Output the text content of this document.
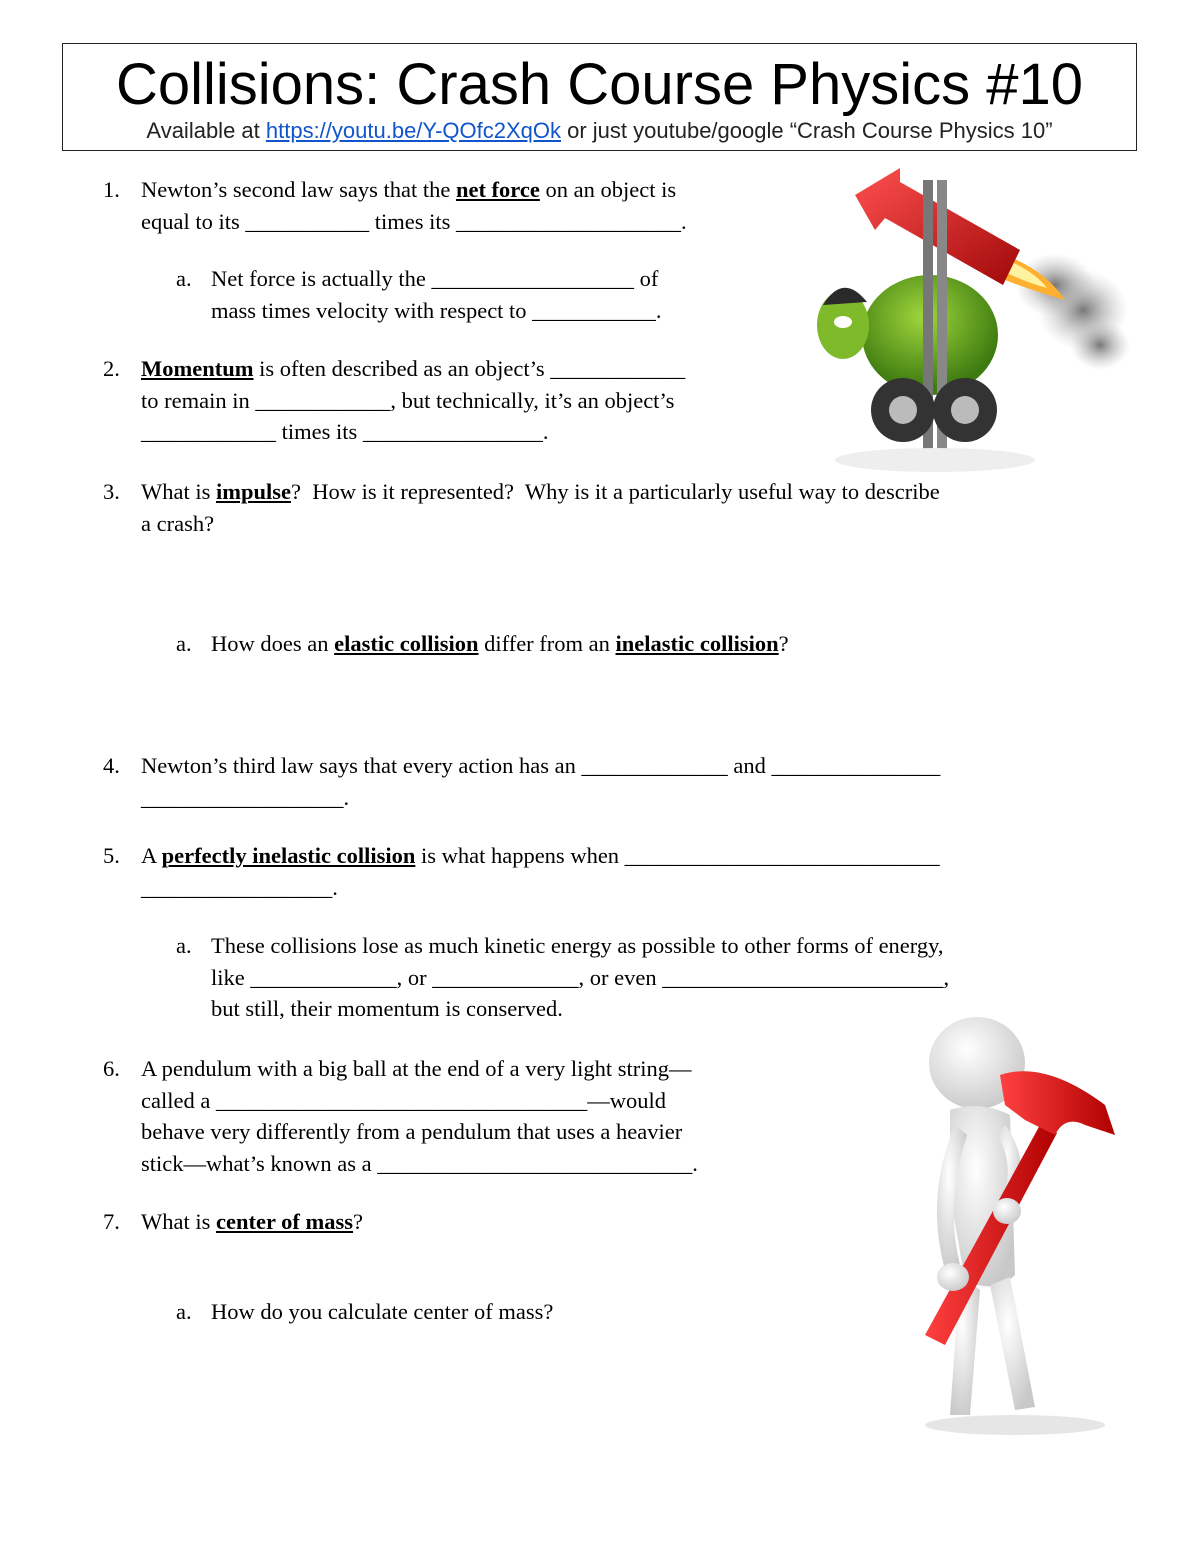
Collisions: Crash Course Physics #10
Available at https://youtu.be/Y-QOfc2XqOk or just youtube/google “Crash Course Physics 10”
1. Newton’s second law says that the net force on an object is
equal to its ___________ times its ____________________.
a. Net force is actually the __________________ of
mass times velocity with respect to ___________.
2. Momentum is often described as an object’s ____________
to remain in ____________, but technically, it’s an object’s
____________ times its ________________.
3. What is impulse?  How is it represented?  Why is it a particularly useful way to describe
a crash?
a. How does an elastic collision differ from an inelastic collision?
4. Newton’s third law says that every action has an _____________ and _______________
__________________.
5. A perfectly inelastic collision is what happens when ____________________________
_________________.
a. These collisions lose as much kinetic energy as possible to other forms of energy,
like _____________, or _____________, or even _________________________,
but still, their momentum is conserved.
6. A pendulum with a big ball at the end of a very light string—
called a _________________________________—would
behave very differently from a pendulum that uses a heavier
stick—what’s known as a ____________________________.
7. What is center of mass?
a. How do you calculate center of mass?
